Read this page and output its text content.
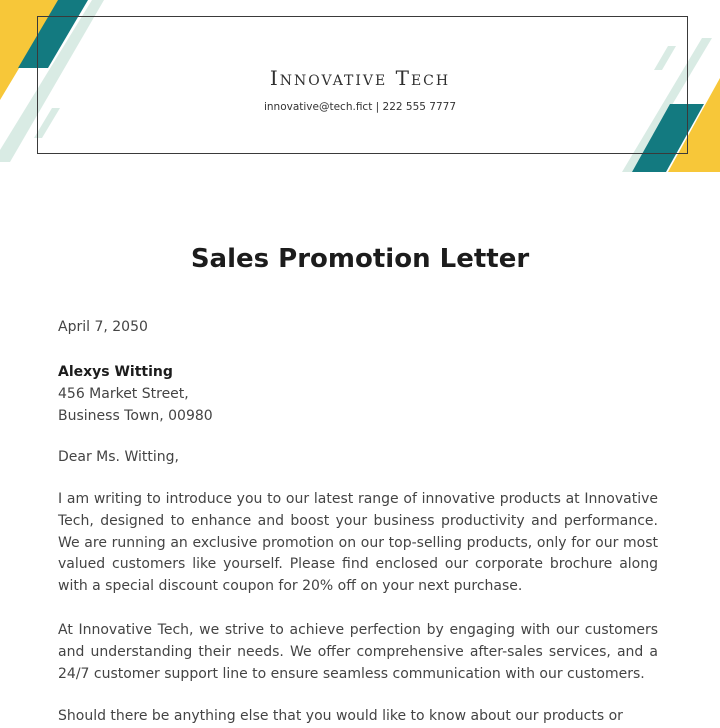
Innovative Tech
innovative@tech.fict | 222 555 7777
Sales Promotion Letter
April 7, 2050
Alexys Witting
456 Market Street,
Business Town, 00980
Dear Ms. Witting,

I am writing to introduce you to our latest range of innovative products at Innovative Tech, designed to enhance and boost your business productivity and performance. We are running an exclusive promotion on our top-selling products, only for our most valued customers like yourself. Please find enclosed our corporate brochure along with a special discount coupon for 20% off on your next purchase.

At Innovative Tech, we strive to achieve perfection by engaging with our customers and understanding their needs. We offer comprehensive after-sales services, and a 24/7 customer support line to ensure seamless communication with our customers.

Should there be anything else that you would like to know about our products or
